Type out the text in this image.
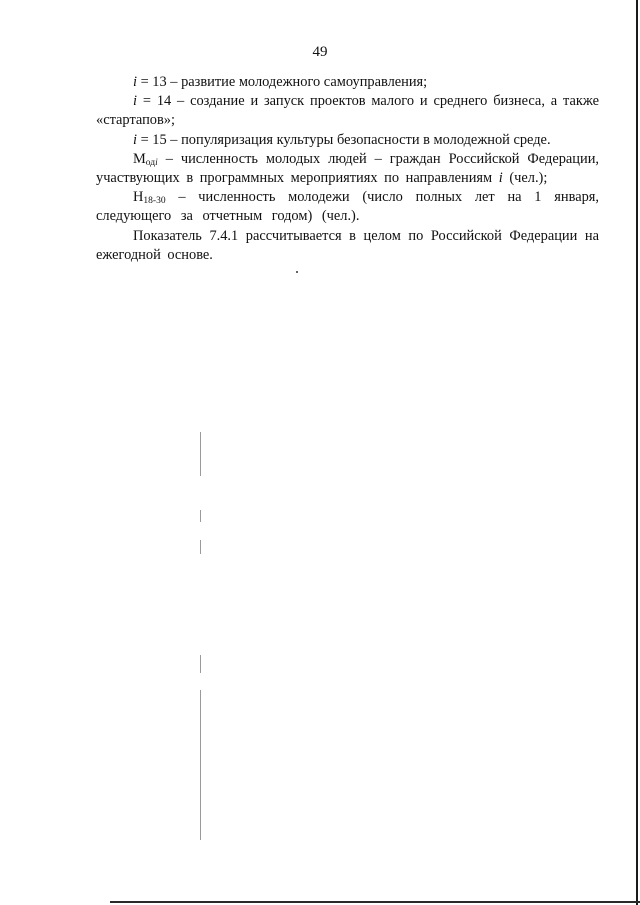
49

i = 13 – развитие молодежного самоуправления;

i = 14 – создание и запуск проектов малого и среднего бизнеса, а также «стартапов»;

i = 15 – популяризация культуры безопасности в молодежной среде.

$М_{одi}$ – численность молодых людей – граждан Российской Федерации, участвующих в программных мероприятиях по направлениям i (чел.);

$Н_{18-30}$ – численность молодежи (число полных лет на 1 января, следующего за отчетным годом) (чел.).

Показатель 7.4.1 рассчитывается в целом по Российской Федерации на ежегодной основе.
